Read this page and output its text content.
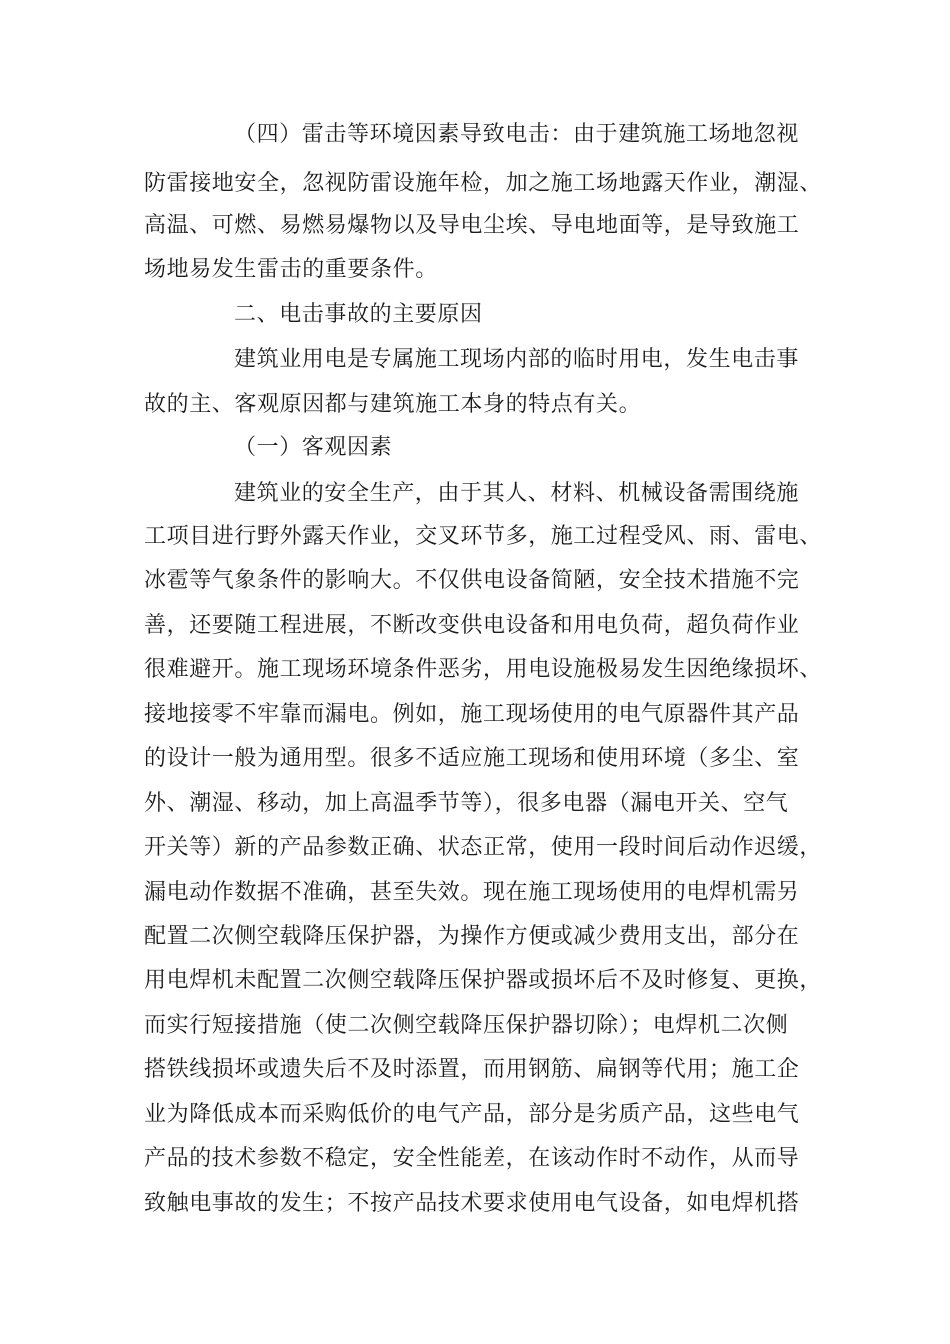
（四）雷击等环境因素导致电击：由于建筑施工场地忽视
防雷接地安全，忽视防雷设施年检，加之施工场地露天作业，潮湿、
高温、可燃、易燃易爆物以及导电尘埃、导电地面等，是导致施工
场地易发生雷击的重要条件。
二、电击事故的主要原因
建筑业用电是专属施工现场内部的临时用电，发生电击事
故的主、客观原因都与建筑施工本身的特点有关。
（一）客观因素
建筑业的安全生产，由于其人、材料、机械设备需围绕施
工项目进行野外露天作业，交叉环节多，施工过程受风、雨、雷电、
冰雹等气象条件的影响大。不仅供电设备简陋，安全技术措施不完
善，还要随工程进展，不断改变供电设备和用电负荷，超负荷作业
很难避开。施工现场环境条件恶劣，用电设施极易发生因绝缘损坏、
接地接零不牢靠而漏电。例如，施工现场使用的电气原器件其产品
的设计一般为通用型。很多不适应施工现场和使用环境（多尘、室
外、潮湿、移动，加上高温季节等），很多电器（漏电开关、空气
开关等）新的产品参数正确、状态正常，使用一段时间后动作迟缓，
漏电动作数据不准确，甚至失效。现在施工现场使用的电焊机需另
配置二次侧空载降压保护器，为操作方便或减少费用支出，部分在
用电焊机未配置二次侧空载降压保护器或损坏后不及时修复、更换，
而实行短接措施（使二次侧空载降压保护器切除）；电焊机二次侧
搭铁线损坏或遗失后不及时添置，而用钢筋、扁钢等代用；施工企
业为降低成本而采购低价的电气产品，部分是劣质产品，这些电气
产品的技术参数不稳定，安全性能差，在该动作时不动作，从而导
致触电事故的发生；不按产品技术要求使用电气设备，如电焊机搭
